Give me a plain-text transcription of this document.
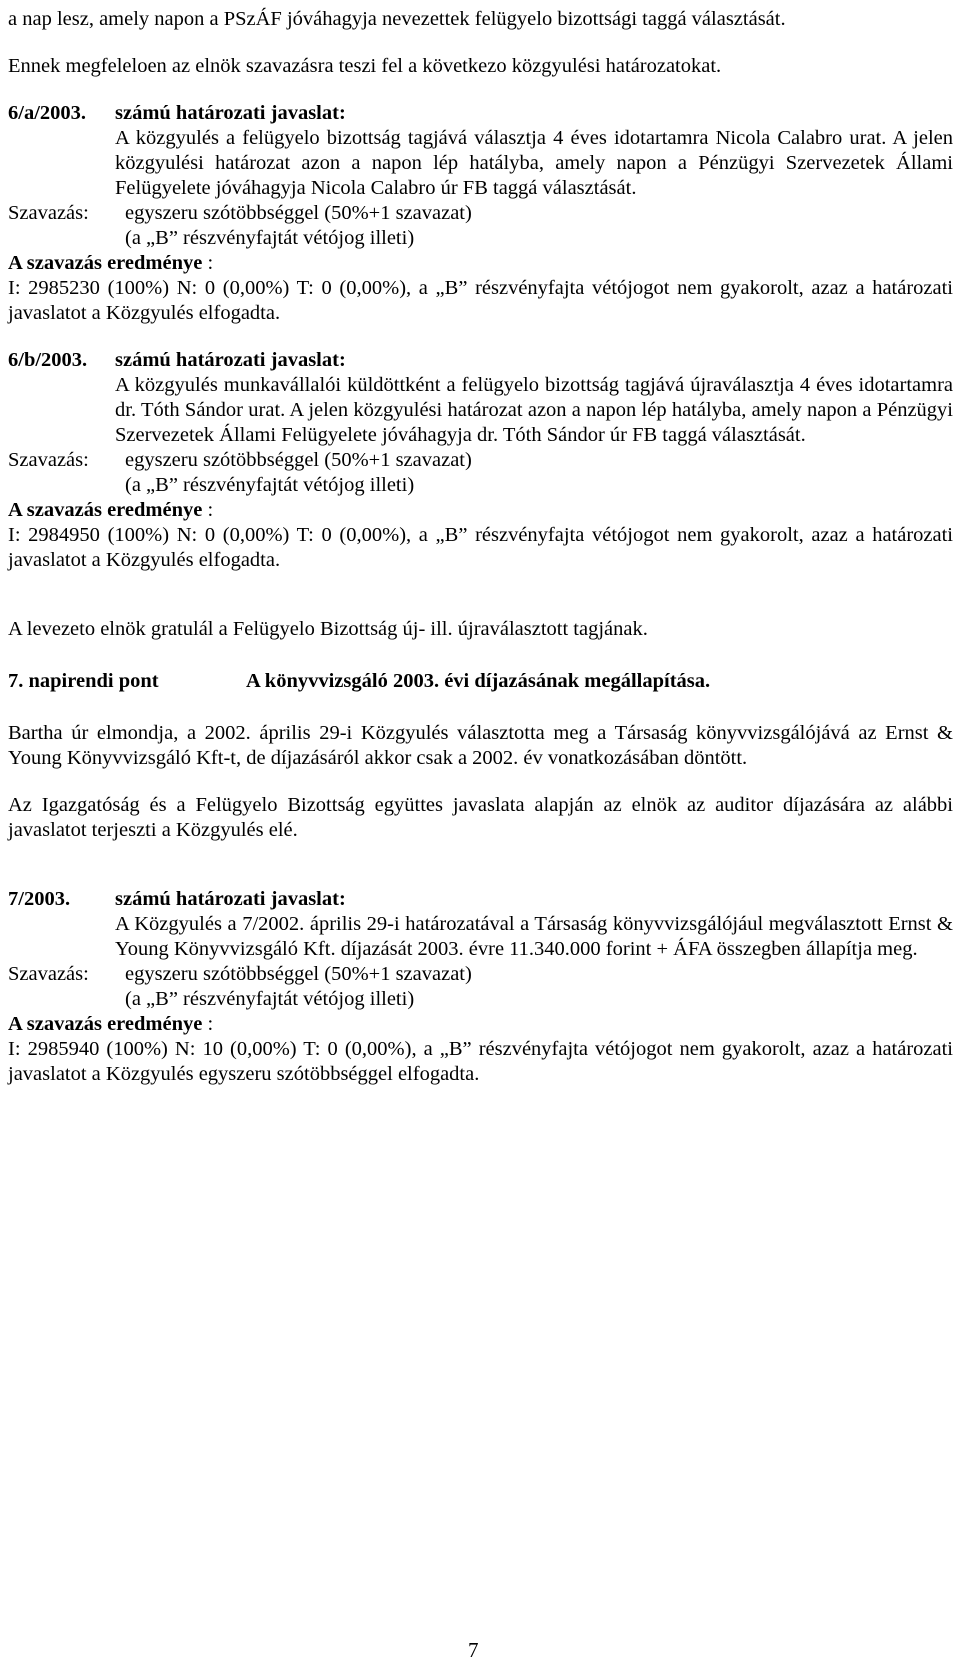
a nap lesz, amely napon a PSzÁF jóváhagyja nevezettek felügyelo bizottsági taggá választását.

Ennek megfeleloen az elnök szavazásra teszi fel a következo közgyulési határozatokat.

6/a/2003.	számú határozati javaslat:

A közgyulés a felügyelo bizottság tagjává választja 4 éves idotartamra Nicola Calabro urat. A jelen közgyulési határozat azon a napon lép hatályba, amely napon a Pénzügyi Szervezetek Állami Felügyelete jóváhagyja Nicola Calabro úr FB taggá választását.

Szavazás:	egyszeru szótöbbséggel (50%+1 szavazat)
(a „B” részvényfajtát vétójog illeti)
A szavazás eredménye :

I: 2985230 (100%) N: 0 (0,00%) T: 0 (0,00%), a „B” részvényfajta vétójogot nem gyakorolt, azaz a határozati javaslatot a Közgyulés elfogadta.

6/b/2003.	számú határozati javaslat:

A közgyulés munkavállalói küldöttként a felügyelo bizottság tagjává újraválasztja 4 éves idotartamra dr. Tóth Sándor urat. A jelen közgyulési határozat azon a napon lép hatályba, amely napon a Pénzügyi Szervezetek Állami Felügyelete jóváhagyja dr. Tóth Sándor úr FB taggá választását.

Szavazás:	egyszeru szótöbbséggel (50%+1 szavazat)
(a „B” részvényfajtát vétójog illeti)
A szavazás eredménye :

I: 2984950 (100%) N: 0 (0,00%) T: 0 (0,00%), a „B” részvényfajta vétójogot nem gyakorolt, azaz a határozati javaslatot a Közgyulés elfogadta.

A levezeto elnök gratulál a Felügyelo Bizottság új- ill. újraválasztott tagjának.

7. napirendi pont	A könyvvizsgáló 2003. évi díjazásának megállapítása.

Bartha úr elmondja, a 2002. április 29-i Közgyulés választotta meg a Társaság könyvvizsgálójává az Ernst & Young Könyvvizsgáló Kft-t, de díjazásáról akkor csak a 2002. év vonatkozásában döntött.

Az Igazgatóság és a Felügyelo Bizottság együttes javaslata alapján az elnök az auditor díjazására az alábbi javaslatot terjeszti a Közgyulés elé.

7/2003.	számú határozati javaslat:

A Közgyulés a 7/2002. április 29-i határozatával a Társaság könyvvizsgálójául megválasztott Ernst & Young Könyvvizsgáló Kft. díjazását 2003. évre 11.340.000 forint + ÁFA összegben állapítja meg.

Szavazás:	egyszeru szótöbbséggel (50%+1 szavazat)
(a „B” részvényfajtát vétójog illeti)
A szavazás eredménye :

I: 2985940 (100%) N: 10 (0,00%) T: 0 (0,00%), a „B” részvényfajta vétójogot nem gyakorolt, azaz a határozati javaslatot a Közgyulés egyszeru szótöbbséggel elfogadta.

7
